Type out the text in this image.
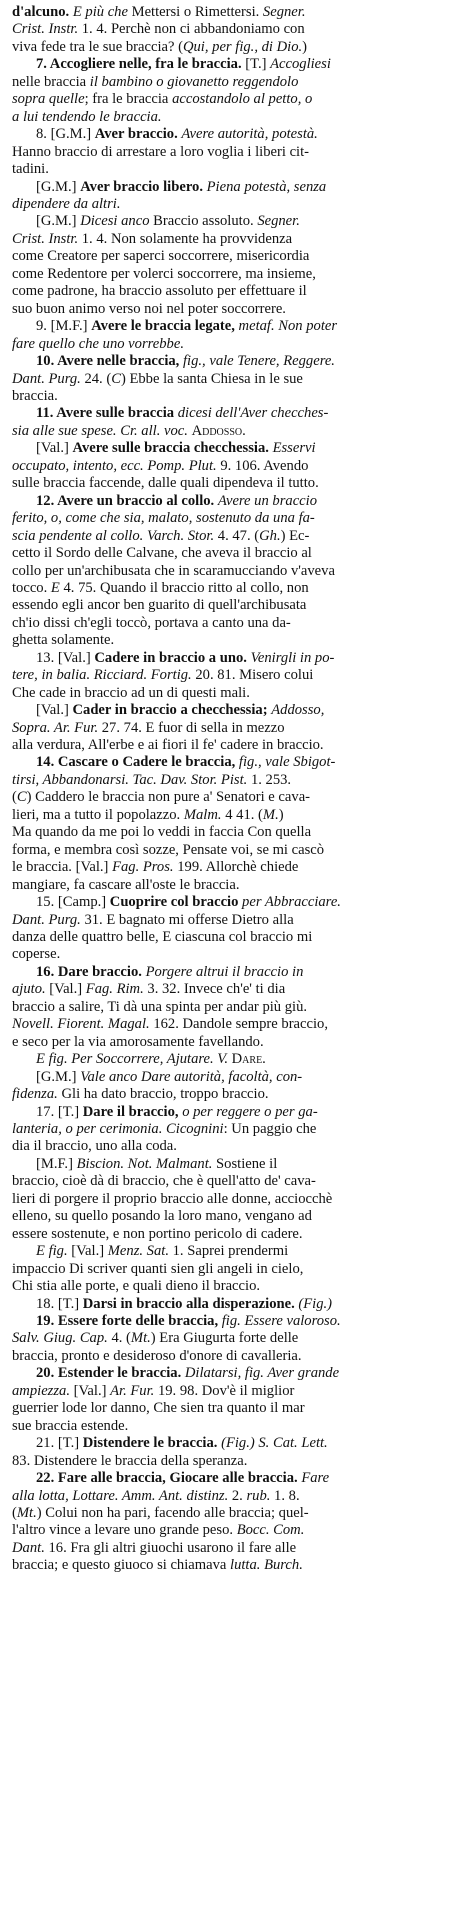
d'alcuno. E più che Mettersi o Rimettersi. Segner.
Crist. Instr. 1. 4. Perchè non ci abbandoniamo con
viva fede tra le sue braccia? (Qui, per fig., di Dio.)

7. Accogliere nelle, fra le braccia. [T.] Accogliesi
nelle braccia il bambino o giovanetto reggendolo
sopra quelle; fra le braccia accostandolo al petto, o
a lui tendendo le braccia.

8. [G.M.] Aver braccio. Avere autorità, potestà.
Hanno braccio di arrestare a loro voglia i liberi cit-
tadini.

[G.M.] Aver braccio libero. Piena potestà, senza
dipendere da altri.

[G.M.] Dicesi anco Braccio assoluto. Segner.
Crist. Instr. 1. 4. Non solamente ha provvidenza
come Creatore per saperci soccorrere, misericordia
come Redentore per volerci soccorrere, ma insieme,
come padrone, ha braccio assoluto per effettuare il
suo buon animo verso noi nel poter soccorrere.

9. [M.F.] Avere le braccia legate, metaf. Non poter
fare quello che uno vorrebbe.

10. Avere nelle braccia, fig., vale Tenere, Reggere.
Dant. Purg. 24. (C) Ebbe la santa Chiesa in le sue
braccia.

11. Avere sulle braccia dicesi dell'Aver checches-
sia alle sue spese. Cr. all. voc. Addosso.

[Val.] Avere sulle braccia checchessia. Esservi
occupato, intento, ecc. Pomp. Plut. 9. 106. Avendo
sulle braccia faccende, dalle quali dipendeva il tutto.

12. Avere un braccio al collo. Avere un braccio
ferito, o, come che sia, malato, sostenuto da una fa-
scia pendente al collo. Varch. Stor. 4. 47. (Gh.) Ec-
cetto il Sordo delle Calvane, che aveva il braccio al
collo per un'archibusata che in scaramucciando v'aveva
tocco. E 4. 75. Quando il braccio ritto al collo, non
essendo egli ancor ben guarito di quell'archibusata
ch'io dissi ch'egli toccò, portava a canto una da-
ghetta solamente.

13. [Val.] Cadere in braccio a uno. Venirgli in po-
tere, in balia. Ricciard. Fortig. 20. 81. Misero colui
Che cade in braccio ad un di questi mali.

[Val.] Cader in braccio a checchessia; Addosso,
Sopra. Ar. Fur. 27. 74. E fuor di sella in mezzo
alla verdura, All'erbe e ai fiori il fe' cadere in braccio.

14. Cascare o Cadere le braccia, fig., vale Sbigot-
tirsi, Abbandonarsi. Tac. Dav. Stor. Pist. 1. 253.
(C) Caddero le braccia non pure a' Senatori e cava-
lieri, ma a tutto il popolazzo. Malm. 4 41. (M.)
Ma quando da me poi lo veddi in faccia Con quella
forma, e membra così sozze, Pensate voi, se mi cascò
le braccia. [Val.] Fag. Pros. 199. Allorchè chiede
mangiare, fa cascare all'oste le braccia.

15. [Camp.] Cuoprire col braccio per Abbracciare.
Dant. Purg. 31. E bagnato mi offerse Dietro alla
danza delle quattro belle, E ciascuna col braccio mi
coperse.

16. Dare braccio. Porgere altrui il braccio in
ajuto. [Val.] Fag. Rim. 3. 32. Invece ch'e' ti dia
braccio a salire, Ti dà una spinta per andar più giù.
Novell. Fiorent. Magal. 162. Dandole sempre braccio,
e seco per la via amorosamente favellando.

E fig. Per Soccorrere, Ajutare. V. Dare.

[G.M.] Vale anco Dare autorità, facoltà, con-
fidenza. Gli ha dato braccio, troppo braccio.

17. [T.] Dare il braccio, o per reggere o per ga-
lanteria, o per cerimonia. Cicognini: Un paggio che
dia il braccio, uno alla coda.

[M.F.] Biscion. Not. Malmant. Sostiene il
braccio, cioè dà di braccio, che è quell'atto de' cava-
lieri di porgere il proprio braccio alle donne, acciocchè
elleno, su quello posando la loro mano, vengano ad
essere sostenute, e non portino pericolo di cadere.

E fig. [Val.] Menz. Sat. 1. Saprei prendermi
impaccio Di scriver quanti sien gli angeli in cielo,
Chi stia alle porte, e quali dieno il braccio.

18. [T.] Darsi in braccio alla disperazione. (Fig.)

19. Essere forte delle braccia, fig. Essere valoroso.
Salv. Giug. Cap. 4. (Mt.) Era Giugurta forte delle
braccia, pronto e desideroso d'onore di cavalleria.

20. Estender le braccia. Dilatarsi, fig. Aver grande
ampiezza. [Val.] Ar. Fur. 19. 98. Dov'è il miglior
guerrier lode lor danno, Che sien tra quanto il mar
sue braccia estende.

21. [T.] Distendere le braccia. (Fig.) S. Cat. Lett.
83. Distendere le braccia della speranza.

22. Fare alle braccia, Giocare alle braccia. Fare
alla lotta, Lottare. Amm. Ant. distinz. 2. rub. 1. 8.
(Mt.) Colui non ha pari, facendo alle braccia; quel-
l'altro vince a levare uno grande peso. Bocc. Com.
Dant. 16. Fra gli altri giuochi usarono il fare alle
braccia; e questo giuoco si chiamava lutta. Burch.
